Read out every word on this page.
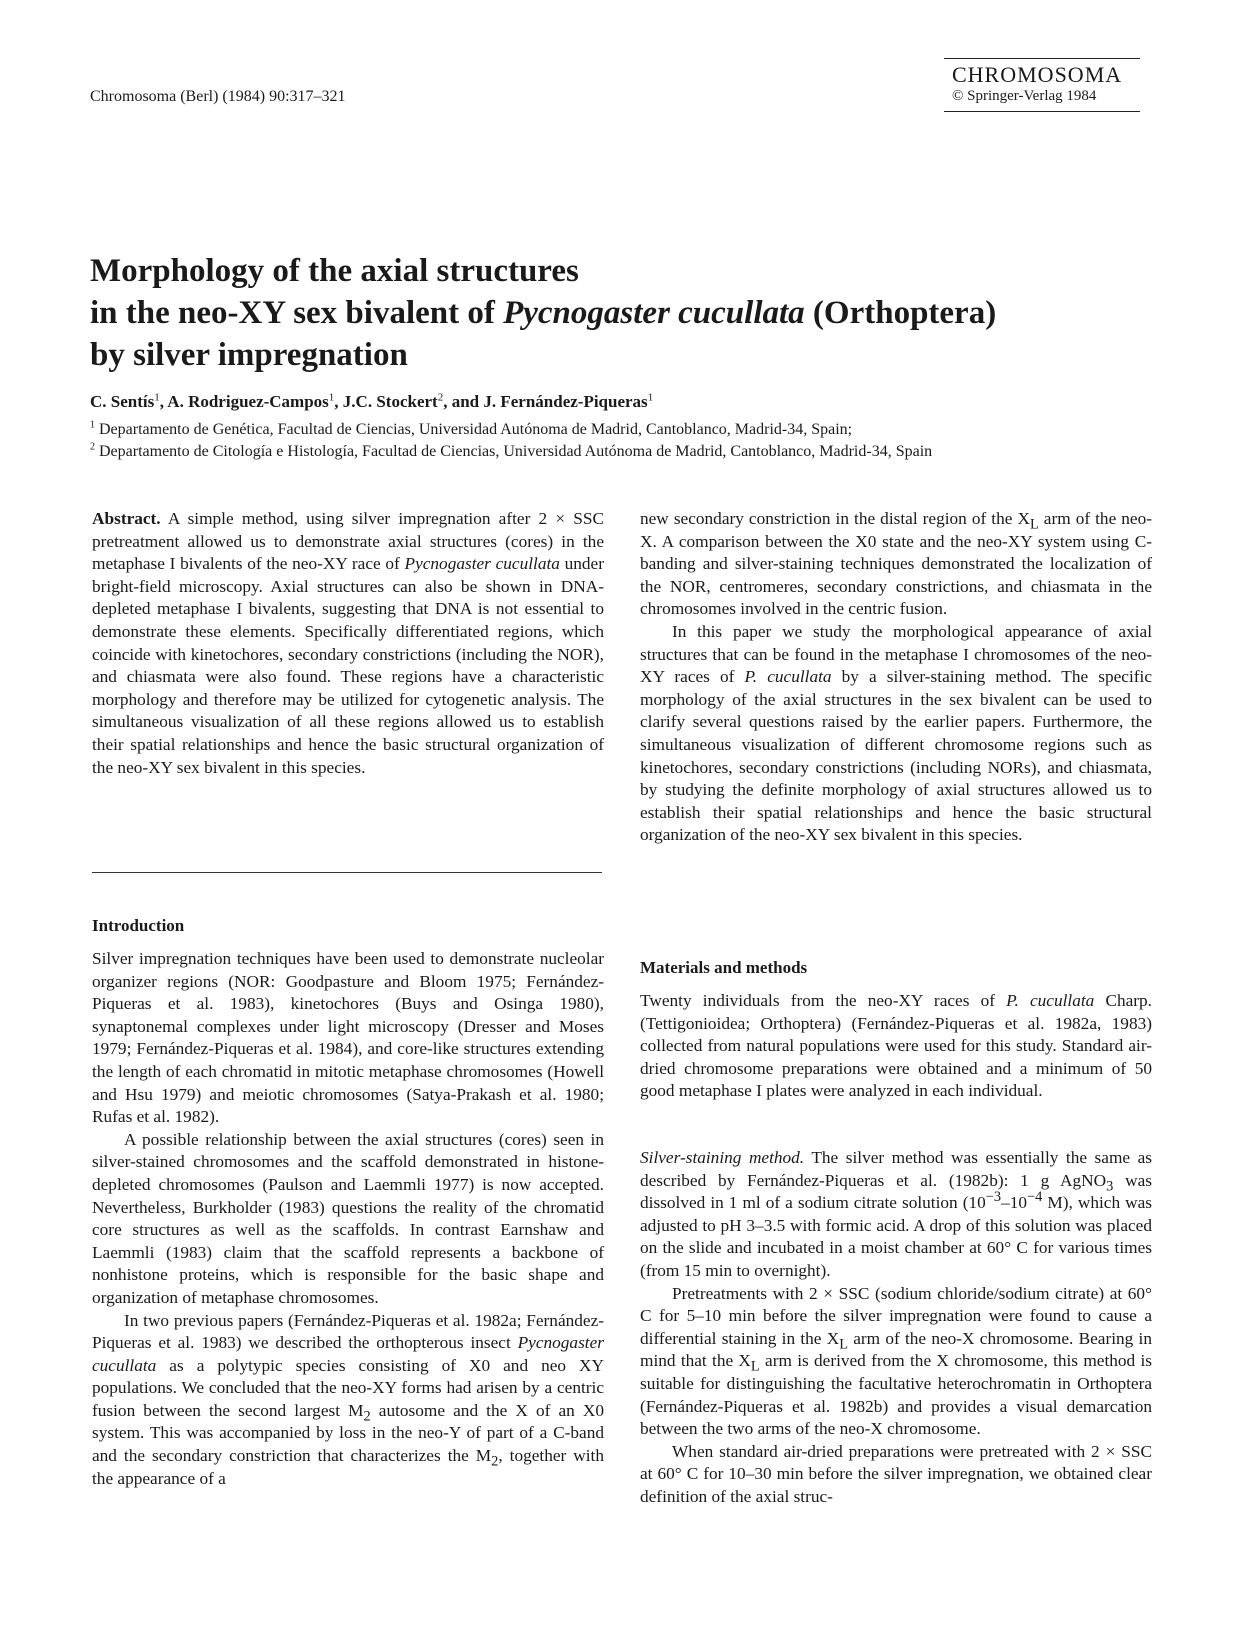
Chromosoma (Berl) (1984) 90:317–321
CHROMOSOMA
© Springer-Verlag 1984
Morphology of the axial structures
in the neo-XY sex bivalent of Pycnogaster cucullata (Orthoptera)
by silver impregnation
C. Sentís$^1$, A. Rodriguez-Campos$^1$, J.C. Stockert$^2$, and J. Fernández-Piqueras$^1$
$^1$ Departamento de Genética, Facultad de Ciencias, Universidad Autónoma de Madrid, Cantoblanco, Madrid-34, Spain;
$^2$ Departamento de Citología e Histología, Facultad de Ciencias, Universidad Autónoma de Madrid, Cantoblanco, Madrid-34, Spain

Abstract. A simple method, using silver impregnation after 2 × SSC pretreatment allowed us to demonstrate axial structures (cores) in the metaphase I bivalents of the neo-XY race of Pycnogaster cucullata under bright-field microscopy. Axial structures can also be shown in DNA-depleted metaphase I bivalents, suggesting that DNA is not essential to demonstrate these elements. Specifically differentiated regions, which coincide with kinetochores, secondary constrictions (including the NOR), and chiasmata were also found. These regions have a characteristic morphology and therefore may be utilized for cytogenetic analysis. The simultaneous visualization of all these regions allowed us to establish their spatial relationships and hence the basic structural organization of the neo-XY sex bivalent in this species.

Introduction

Silver impregnation techniques have been used to demonstrate nucleolar organizer regions (NOR: Goodpasture and Bloom 1975; Fernández-Piqueras et al. 1983), kinetochores (Buys and Osinga 1980), synaptonemal complexes under light microscopy (Dresser and Moses 1979; Fernández-Piqueras et al. 1984), and core-like structures extending the length of each chromatid in mitotic metaphase chromosomes (Howell and Hsu 1979) and meiotic chromosomes (Satya-Prakash et al. 1980; Rufas et al. 1982).

A possible relationship between the axial structures (cores) seen in silver-stained chromosomes and the scaffold demonstrated in histone-depleted chromosomes (Paulson and Laemmli 1977) is now accepted. Nevertheless, Burkholder (1983) questions the reality of the chromatid core structures as well as the scaffolds. In contrast Earnshaw and Laemmli (1983) claim that the scaffold represents a backbone of nonhistone proteins, which is responsible for the basic shape and organization of metaphase chromosomes.

In two previous papers (Fernández-Piqueras et al. 1982a; Fernández-Piqueras et al. 1983) we described the orthopterous insect Pycnogaster cucullata as a polytypic species consisting of X0 and neo XY populations. We concluded that the neo-XY forms had arisen by a centric fusion between the second largest $M_2$ autosome and the X of an X0 system. This was accompanied by loss in the neo-Y of part of a C-band and the secondary constriction that characterizes the $M_2$, together with the appearance of a

new secondary constriction in the distal region of the $X_L$ arm of the neo-X. A comparison between the X0 state and the neo-XY system using C-banding and silver-staining techniques demonstrated the localization of the NOR, centromeres, secondary constrictions, and chiasmata in the chromosomes involved in the centric fusion.

In this paper we study the morphological appearance of axial structures that can be found in the metaphase I chromosomes of the neo-XY races of P. cucullata by a silver-staining method. The specific morphology of the axial structures in the sex bivalent can be used to clarify several questions raised by the earlier papers. Furthermore, the simultaneous visualization of different chromosome regions such as kinetochores, secondary constrictions (including NORs), and chiasmata, by studying the definite morphology of axial structures allowed us to establish their spatial relationships and hence the basic structural organization of the neo-XY sex bivalent in this species.

Materials and methods

Twenty individuals from the neo-XY races of P. cucullata Charp. (Tettigonioidea; Orthoptera) (Fernández-Piqueras et al. 1982a, 1983) collected from natural populations were used for this study. Standard air-dried chromosome preparations were obtained and a minimum of 50 good metaphase I plates were analyzed in each individual.

Silver-staining method. The silver method was essentially the same as described by Fernández-Piqueras et al. (1982b): 1 g AgNO$_3$ was dissolved in 1 ml of a sodium citrate solution ($10^{-3}-10^{-4}$ M), which was adjusted to pH 3–3.5 with formic acid. A drop of this solution was placed on the slide and incubated in a moist chamber at 60° C for various times (from 15 min to overnight).

Pretreatments with 2 × SSC (sodium chloride/sodium citrate) at 60° C for 5–10 min before the silver impregnation were found to cause a differential staining in the $X_L$ arm of the neo-X chromosome. Bearing in mind that the $X_L$ arm is derived from the X chromosome, this method is suitable for distinguishing the facultative heterochromatin in Orthoptera (Fernández-Piqueras et al. 1982b) and provides a visual demarcation between the two arms of the neo-X chromosome.

When standard air-dried preparations were pretreated with 2 × SSC at 60° C for 10–30 min before the silver impregnation, we obtained clear definition of the axial struc-
